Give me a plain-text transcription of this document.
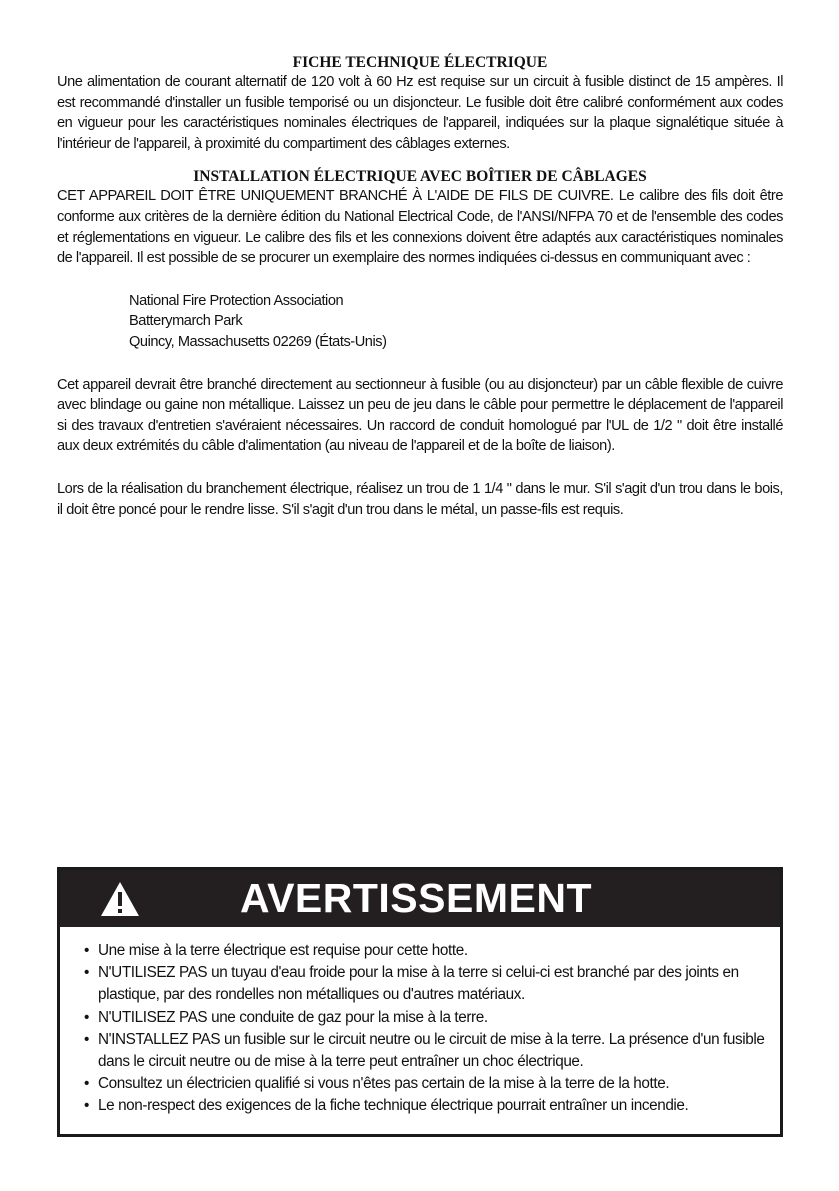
FICHE TECHNIQUE ÉLECTRIQUE

Une alimentation de courant alternatif de 120 volt à 60 Hz est requise sur un circuit à fusible distinct de 15 ampères. Il est recommandé d'installer un fusible temporisé ou un disjoncteur. Le fusible doit être calibré conformément aux codes en vigueur pour les caractéristiques nominales électriques de l'appareil, indiquées sur la plaque signalétique située à l'intérieur de l'appareil, à proximité du compartiment des câblages externes.

INSTALLATION ÉLECTRIQUE AVEC BOÎTIER DE CÂBLAGES

CET APPAREIL DOIT ÊTRE UNIQUEMENT BRANCHÉ À L'AIDE DE FILS DE CUIVRE. Le calibre des fils doit être conforme aux critères de la dernière édition du National Electrical Code, de l'ANSI/NFPA 70 et de l'ensemble des codes et réglementations en vigueur. Le calibre des fils et les connexions doivent être adaptés aux caractéristiques nominales de l'appareil. Il est possible de se procurer un exemplaire des normes indiquées ci-dessus en communiquant avec :

National Fire Protection Association
Batterymarch Park
Quincy, Massachusetts 02269 (États-Unis)

Cet appareil devrait être branché directement au sectionneur à fusible (ou au disjoncteur) par un câble flexible de cuivre avec blindage ou gaine non métallique. Laissez un peu de jeu dans le câble pour permettre le déplacement de l'appareil si des travaux d'entretien s'avéraient nécessaires. Un raccord de conduit homologué par l'UL de 1/2 " doit être installé aux deux extrémités du câble d'alimentation (au niveau de l'appareil et de la boîte de liaison).

Lors de la réalisation du branchement électrique, réalisez un trou de 1 1/4 " dans le mur. S'il s'agit d'un trou dans le bois, il doit être poncé pour le rendre lisse. S'il s'agit d'un trou dans le métal, un passe-fils est requis.

AVERTISSEMENT
• Une mise à la terre électrique est requise pour cette hotte.
• N'UTILISEZ PAS un tuyau d'eau froide pour la mise à la terre si celui-ci est branché par des joints en plastique, par des rondelles non métalliques ou d'autres matériaux.
• N'UTILISEZ PAS une conduite de gaz pour la mise à la terre.
• N'INSTALLEZ PAS un fusible sur le circuit neutre ou le circuit de mise à la terre. La présence d'un fusible dans le circuit neutre ou de mise à la terre peut entraîner un choc électrique.
• Consultez un électricien qualifié si vous n'êtes pas certain de la mise à la terre de la hotte.
• Le non-respect des exigences de la fiche technique électrique pourrait entraîner un incendie.
